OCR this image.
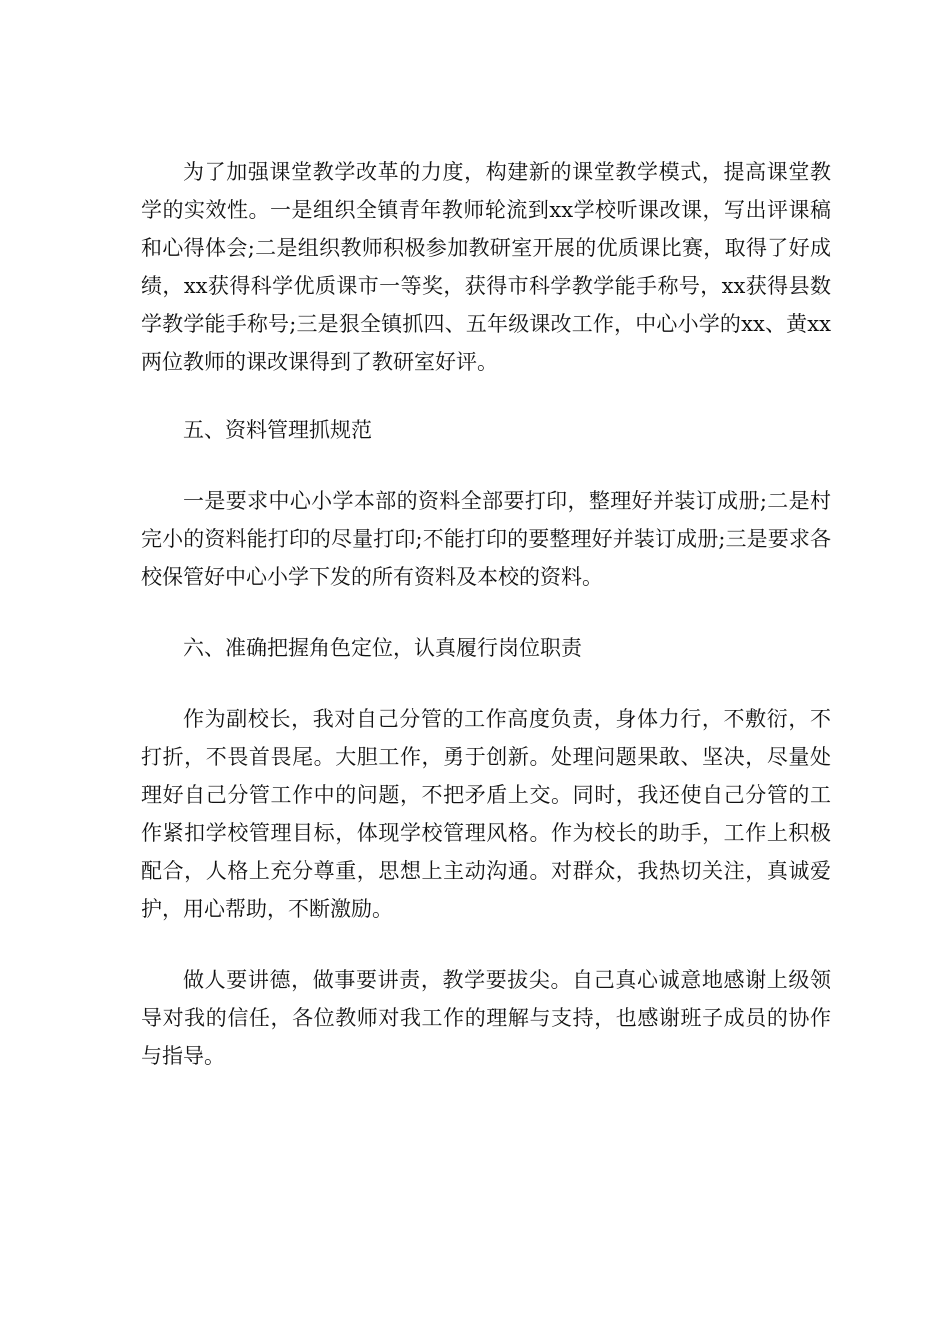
为了加强课堂教学改革的力度，构建新的课堂教学模式，提高课堂教学的实效性。一是组织全镇青年教师轮流到xx学校听课改课，写出评课稿和心得体会;二是组织教师积极参加教研室开展的优质课比赛，取得了好成绩，xx获得科学优质课市一等奖，获得市科学教学能手称号，xx获得县数学教学能手称号;三是狠全镇抓四、五年级课改工作，中心小学的xx、黄xx两位教师的课改课得到了教研室好评。

五、资料管理抓规范

一是要求中心小学本部的资料全部要打印，整理好并装订成册;二是村完小的资料能打印的尽量打印;不能打印的要整理好并装订成册;三是要求各校保管好中心小学下发的所有资料及本校的资料。

六、准确把握角色定位，认真履行岗位职责

作为副校长，我对自己分管的工作高度负责，身体力行，不敷衍，不打折，不畏首畏尾。大胆工作，勇于创新。处理问题果敢、坚决，尽量处理好自己分管工作中的问题，不把矛盾上交。同时，我还使自己分管的工作紧扣学校管理目标，体现学校管理风格。作为校长的助手，工作上积极配合，人格上充分尊重，思想上主动沟通。对群众，我热切关注，真诚爱护，用心帮助，不断激励。

做人要讲德，做事要讲责，教学要拔尖。自己真心诚意地感谢上级领导对我的信任，各位教师对我工作的理解与支持，也感谢班子成员的协作与指导。
